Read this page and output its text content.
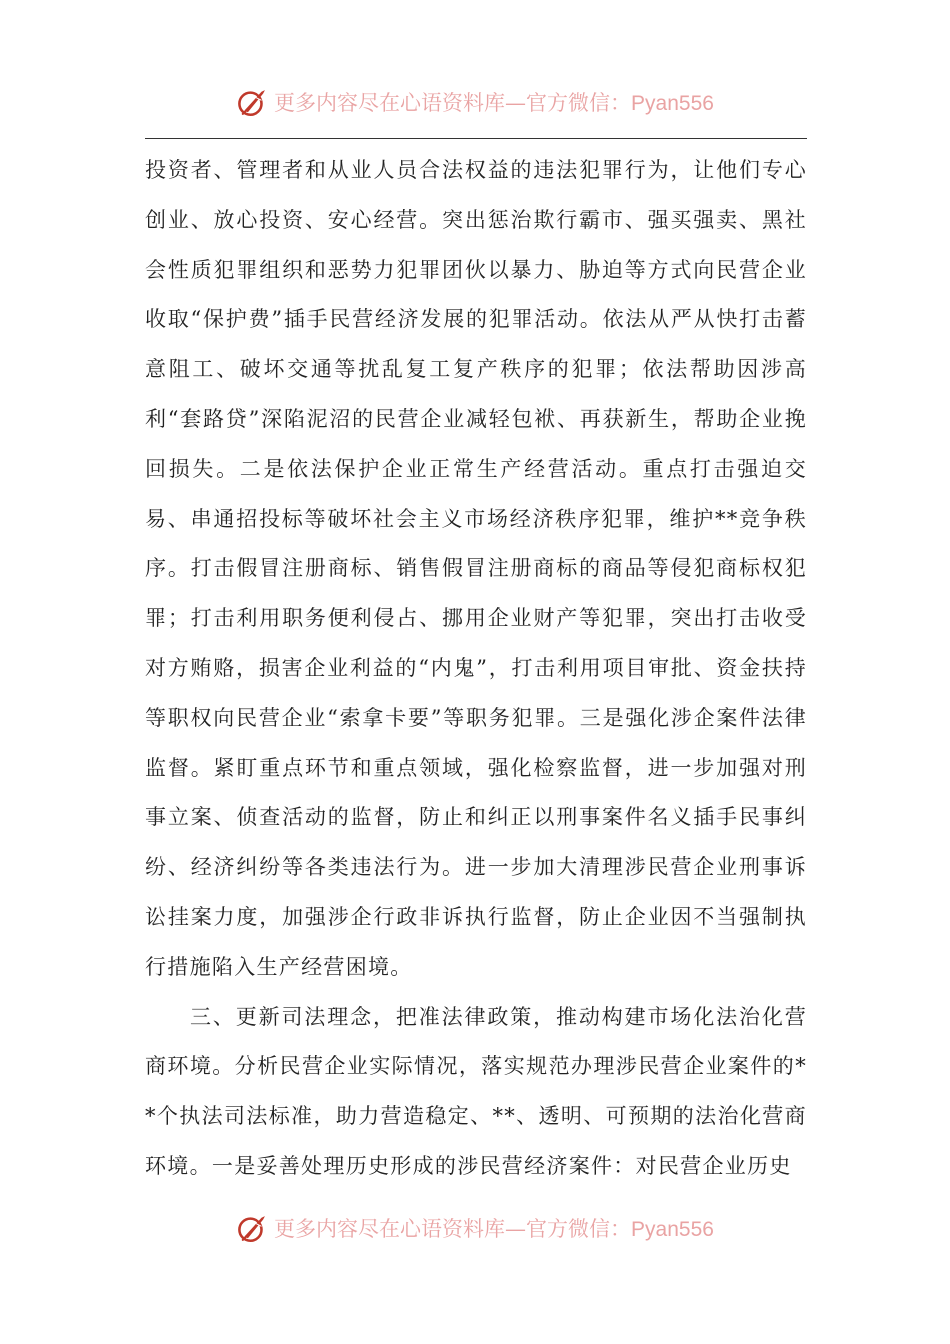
更多内容尽在心语资料库—官方微信：Pyan556

投资者、管理者和从业人员合法权益的违法犯罪行为，让他们专心创业、放心投资、安心经营。突出惩治欺行霸市、强买强卖、黑社会性质犯罪组织和恶势力犯罪团伙以暴力、胁迫等方式向民营企业收取“保护费”插手民营经济发展的犯罪活动。依法从严从快打击蓄意阻工、破坏交通等扰乱复工复产秩序的犯罪；依法帮助因涉高利“套路贷”深陷泥沼的民营企业减轻包袱、再获新生，帮助企业挽回损失。二是依法保护企业正常生产经营活动。重点打击强迫交易、串通招投标等破坏社会主义市场经济秩序犯罪，维护**竞争秩序。打击假冒注册商标、销售假冒注册商标的商品等侵犯商标权犯罪；打击利用职务便利侵占、挪用企业财产等犯罪，突出打击收受对方贿赂，损害企业利益的“内鬼”，打击利用项目审批、资金扶持等职权向民营企业“索拿卡要”等职务犯罪。三是强化涉企案件法律监督。紧盯重点环节和重点领域，强化检察监督，进一步加强对刑事立案、侦查活动的监督，防止和纠正以刑事案件名义插手民事纠纷、经济纠纷等各类违法行为。进一步加大清理涉民营企业刑事诉讼挂案力度，加强涉企行政非诉执行监督，防止企业因不当强制执行措施陷入生产经营困境。

三、更新司法理念，把准法律政策，推动构建市场化法治化营商环境。分析民营企业实际情况，落实规范办理涉民营企业案件的**个执法司法标准，助力营造稳定、**、透明、可预期的法治化营商环境。一是妥善处理历史形成的涉民营经济案件：对民营企业历史

更多内容尽在心语资料库—官方微信：Pyan556
